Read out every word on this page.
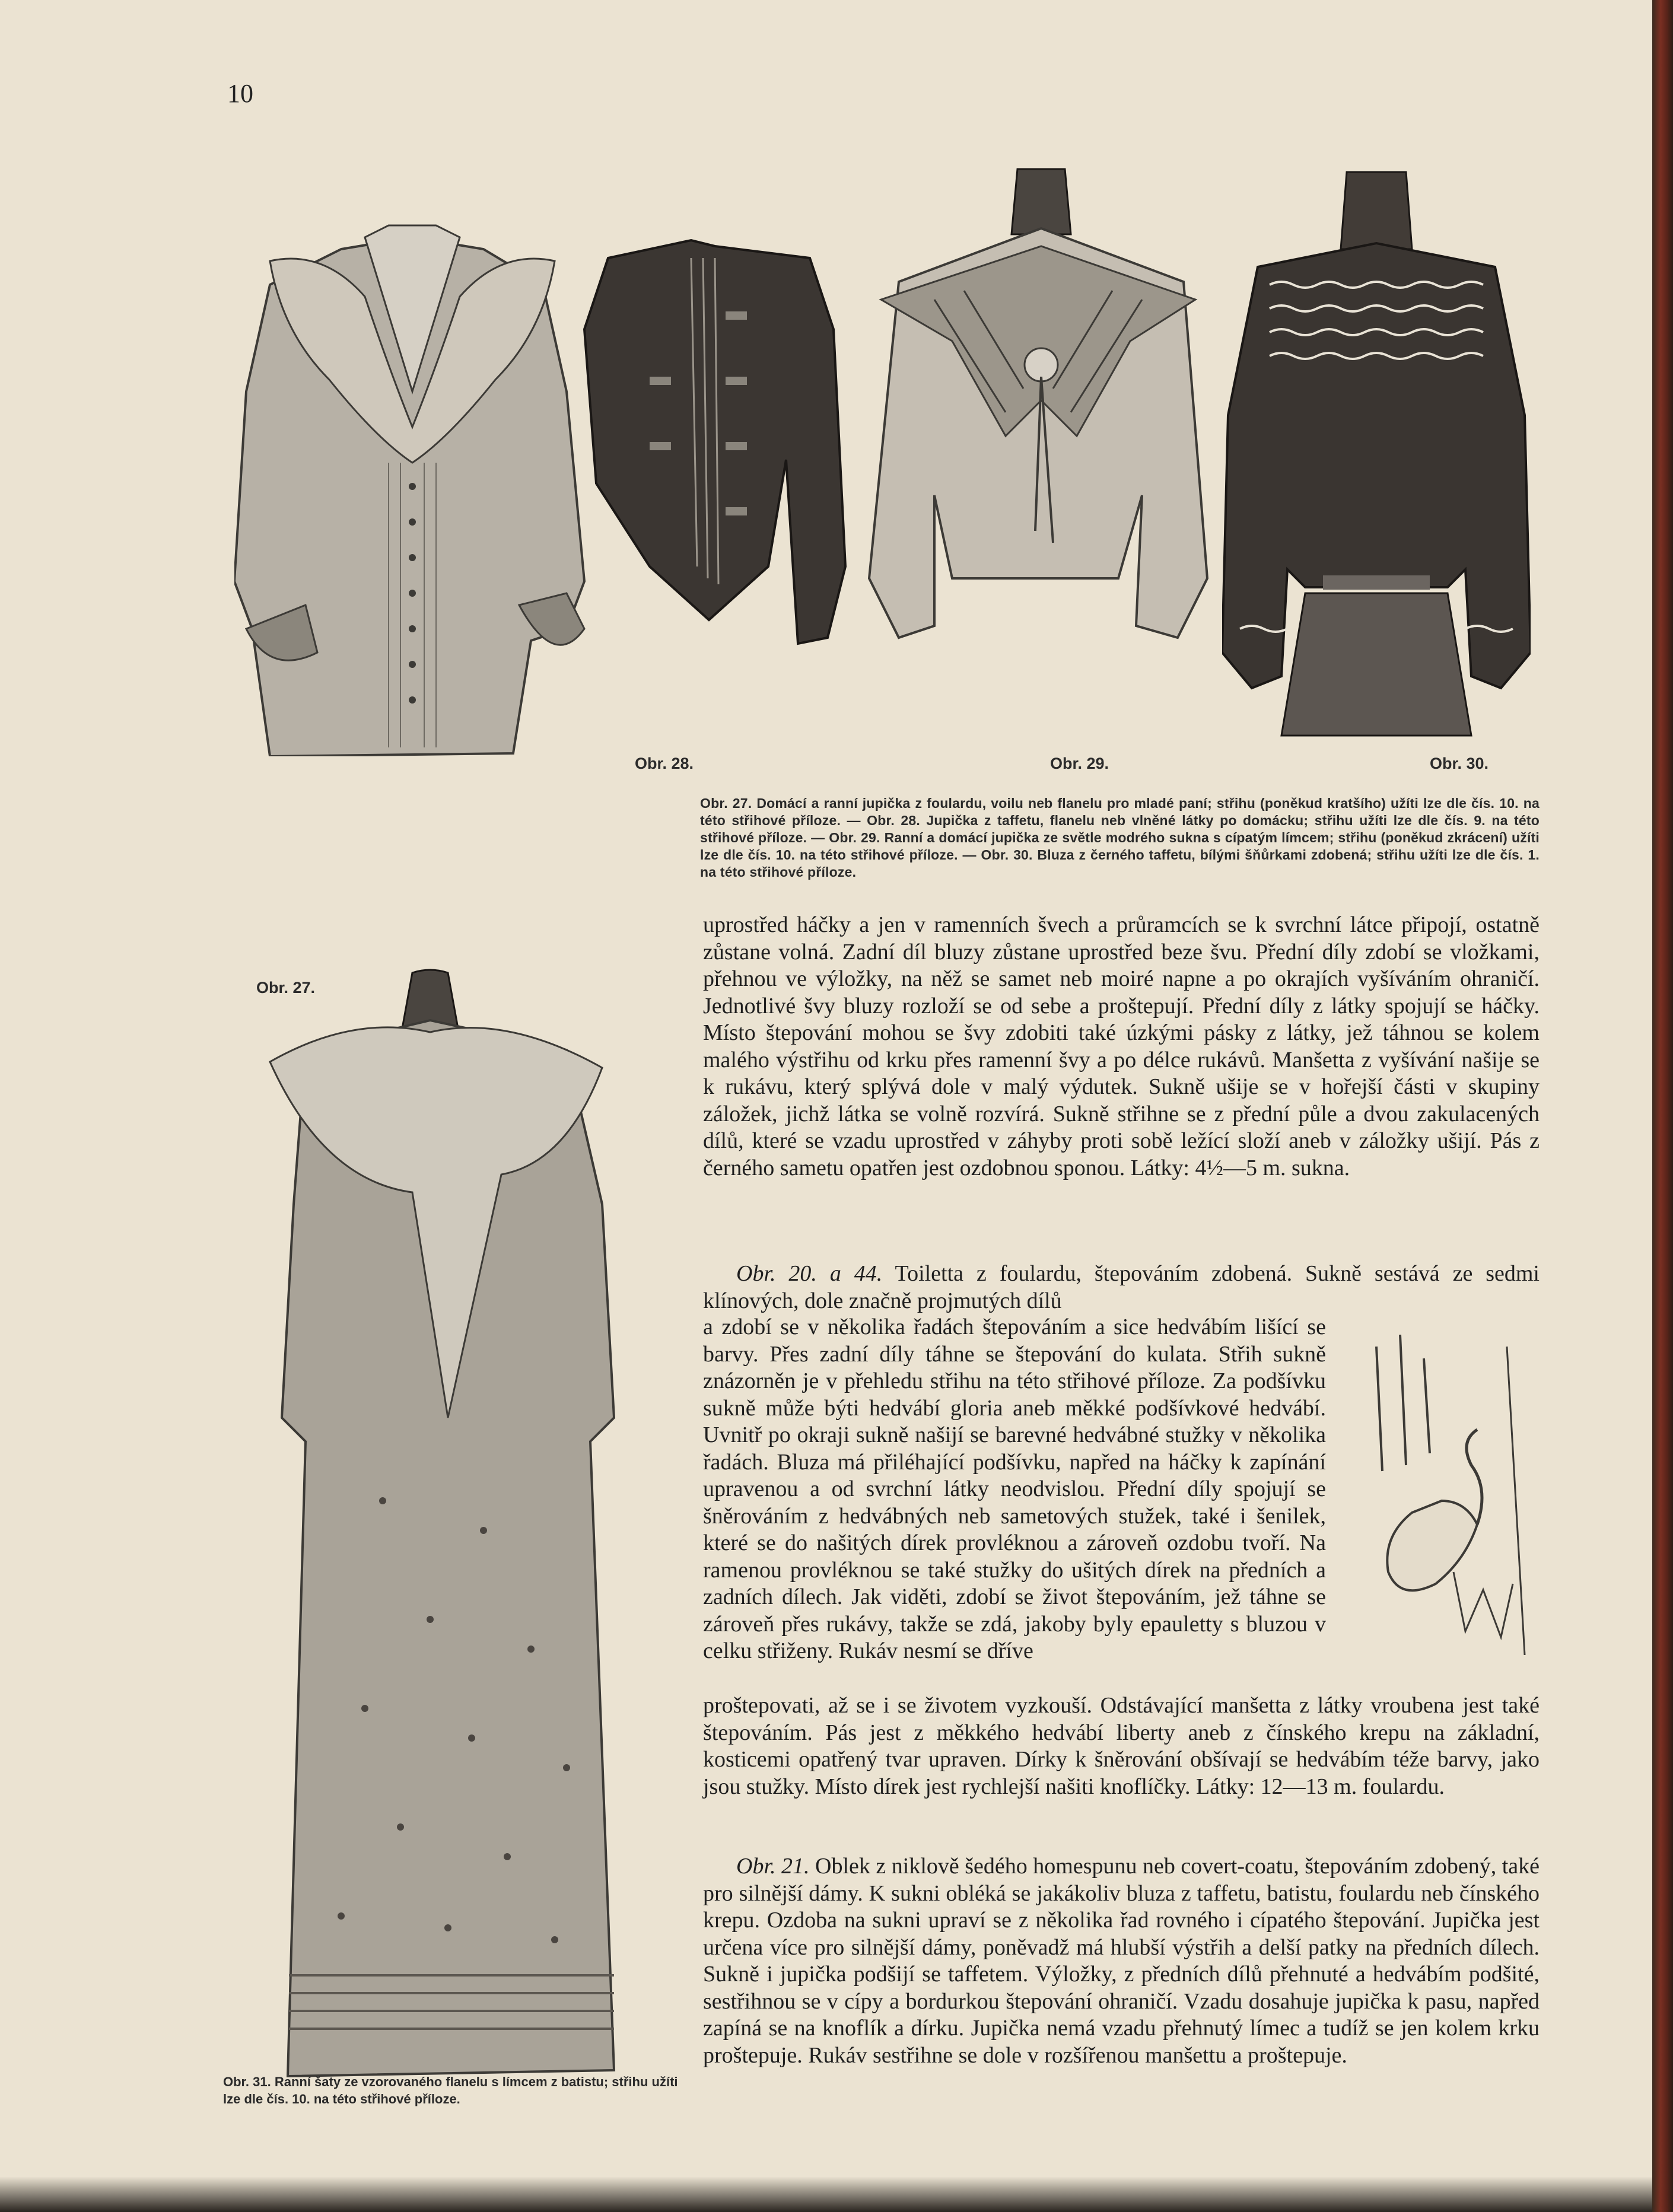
10
Obr. 28.	Obr. 29.	Obr. 30.
Obr. 27. Domácí a ranní jupička z foulardu, voilu neb flanelu pro mladé paní; střihu (poněkud kratšího) užíti lze dle čís. 10. na této střihové příloze. — Obr. 28. Jupička z taffetu, flanelu neb vlněné látky po domácku; střihu užíti lze dle čís. 9. na této střihové příloze. — Obr. 29. Ranní a domácí jupička ze světle modrého sukna s cípatým límcem; střihu (poněkud zkrácení) užíti lze dle čís. 10. na této střihové příloze. — Obr. 30. Bluza z černého taffetu, bílými šňůrkami zdobená; střihu užíti lze dle čís. 1. na této střihové příloze.
Obr. 27.
Obr. 31. Ranní šaty ze vzorovaného flanelu s límcem z batistu; střihu užíti lze dle čís. 10. na této střihové příloze.
uprostřed háčky a jen v ramenních švech a průramcích se k svrchní látce připojí, ostatně zůstane volná. Zadní díl bluzy zůstane uprostřed beze švu. Přední díly zdobí se vložkami, přehnou ve výložky, na něž se samet neb moiré napne a po okrajích vyšíváním ohraničí. Jednotlivé švy bluzy rozloží se od sebe a proštepují. Přední díly z látky spojují se háčky. Místo štepování mohou se švy zdobiti také úzkými pásky z látky, jež táhnou se kolem malého výstřihu od krku přes ramenní švy a po délce rukávů. Manšetta z vyšívání našije se k rukávu, který splývá dole v malý výdutek. Sukně ušije se v hořejší části v skupiny záložek, jichž látka se volně rozvírá. Sukně střihne se z přední půle a dvou zakulacených dílů, které se vzadu uprostřed v záhyby proti sobě ležící složí aneb v záložky ušijí. Pás z černého sametu opatřen jest ozdobnou sponou. Látky: 4½—5 m. sukna.

Obr. 20. a 44. Toiletta z foulardu, štepováním zdobená. Sukně sestává ze sedmi klínových, dole značně projmutých dílů

a zdobí se v několika řadách štepováním a sice hedvábím lišící se barvy. Přes zadní díly táhne se štepování do kulata. Střih sukně znázorněn je v přehledu střihu na této střihové příloze. Za podšívku sukně může býti hedvábí gloria aneb měkké podšívkové hedvábí. Uvnitř po okraji sukně našijí se barevné hedvábné stužky v několika řadách. Bluza má přiléhající podšívku, napřed na háčky k zapínání upravenou a od svrchní látky neodvislou. Přední díly spojují se šněrováním z hedvábných neb sametových stužek, také i šenilek, které se do našitých dírek provléknou a zároveň ozdobu tvoří. Na ramenou provléknou se také stužky do ušitých dírek na předních a zadních dílech. Jak viděti, zdobí se život štepováním, jež táhne se zároveň přes rukávy, takže se zdá, jakoby byly epauletty s bluzou v celku střiženy. Rukáv nesmí se dříve
proštepovati, až se i se životem vyzkouší. Odstávající manšetta z látky vroubena jest také štepováním. Pás jest z měkkého hedvábí liberty aneb z čínského krepu na základní, kosticemi opatřený tvar upraven. Dírky k šněrování obšívají se hedvábím téže barvy, jako jsou stužky. Místo dírek jest rychlejší našiti knoflíčky. Látky: 12—13 m. foulardu.

Obr. 21. Oblek z niklově šedého homespunu neb covert-coatu, štepováním zdobený, také pro silnější dámy. K sukni obléká se jakákoliv bluza z taffetu, batistu, foulardu neb čínského krepu. Ozdoba na sukni upraví se z několika řad rovného i cípatého štepování. Jupička jest určena více pro silnější dámy, poněvadž má hlubší výstřih a delší patky na předních dílech. Sukně i jupička podšijí se taffetem. Výložky, z předních dílů přehnuté a hedvábím podšité, sestřihnou se v cípy a bordurkou štepování ohraničí. Vzadu dosahuje jupička k pasu, napřed zapíná se na knoflík a dírku. Jupička nemá vzadu přehnutý límec a tudíž se jen kolem krku proštepuje. Rukáv sestřihne se dole v rozšířenou manšettu a proštepuje.
